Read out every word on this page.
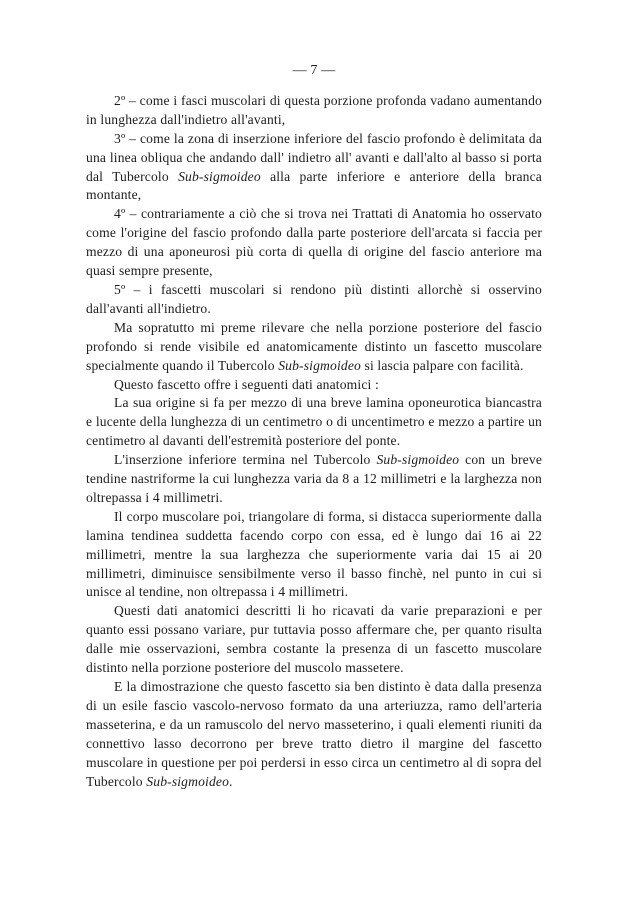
— 7 —

2º – come i fasci muscolari di questa porzione profonda vadano aumentando in lunghezza dall'indietro all'avanti,

3º – come la zona di inserzione inferiore del fascio profondo è delimitata da una linea obliqua che andando dall' indietro all' avanti e dall'alto al basso si porta dal Tubercolo Sub-sigmoideo alla parte inferiore e anteriore della branca montante,

4º – contrariamente a ciò che si trova nei Trattati di Anatomia ho osservato come l'origine del fascio profondo dalla parte posteriore dell'arcata si faccia per mezzo di una aponeurosi più corta di quella di origine del fascio anteriore ma quasi sempre presente,

5º – i fascetti muscolari si rendono più distinti allorchè si osservino dall'avanti all'indietro.

Ma sopratutto mi preme rilevare che nella porzione posteriore del fascio profondo si rende visibile ed anatomicamente distinto un fascetto muscolare specialmente quando il Tubercolo Sub-sigmoideo si lascia palpare con facilità.

Questo fascetto offre i seguenti dati anatomici :

La sua origine si fa per mezzo di una breve lamina oponeurotica biancastra e lucente della lunghezza di un centimetro o di uncentimetro e mezzo a partire un centimetro al davanti dell'estremità posteriore del ponte.

L'inserzione inferiore termina nel Tubercolo Sub-sigmoideo con un breve tendine nastriforme la cui lunghezza varia da 8 a 12 millimetri e la larghezza non oltrepassa i 4 millimetri.

Il corpo muscolare poi, triangolare di forma, si distacca superiormente dalla lamina tendinea suddetta facendo corpo con essa, ed è lungo dai 16 ai 22 millimetri, mentre la sua larghezza che superiormente varia dai 15 ai 20 millimetri, diminuisce sensibilmente verso il basso finchè, nel punto in cui si unisce al tendine, non oltrepassa i 4 millimetri.

Questi dati anatomici descritti li ho ricavati da varie preparazioni e per quanto essi possano variare, pur tuttavia posso affermare che, per quanto risulta dalle mie osservazioni, sembra costante la presenza di un fascetto muscolare distinto nella porzione posteriore del muscolo massetere.

E la dimostrazione che questo fascetto sia ben distinto è data dalla presenza di un esile fascio vascolo-nervoso formato da una arteriuzza, ramo dell'arteria masseterina, e da un ramuscolo del nervo masseterino, i quali elementi riuniti da connettivo lasso decorrono per breve tratto dietro il margine del fascetto muscolare in questione per poi perdersi in esso circa un centimetro al di sopra del Tubercolo Sub-sigmoideo.
